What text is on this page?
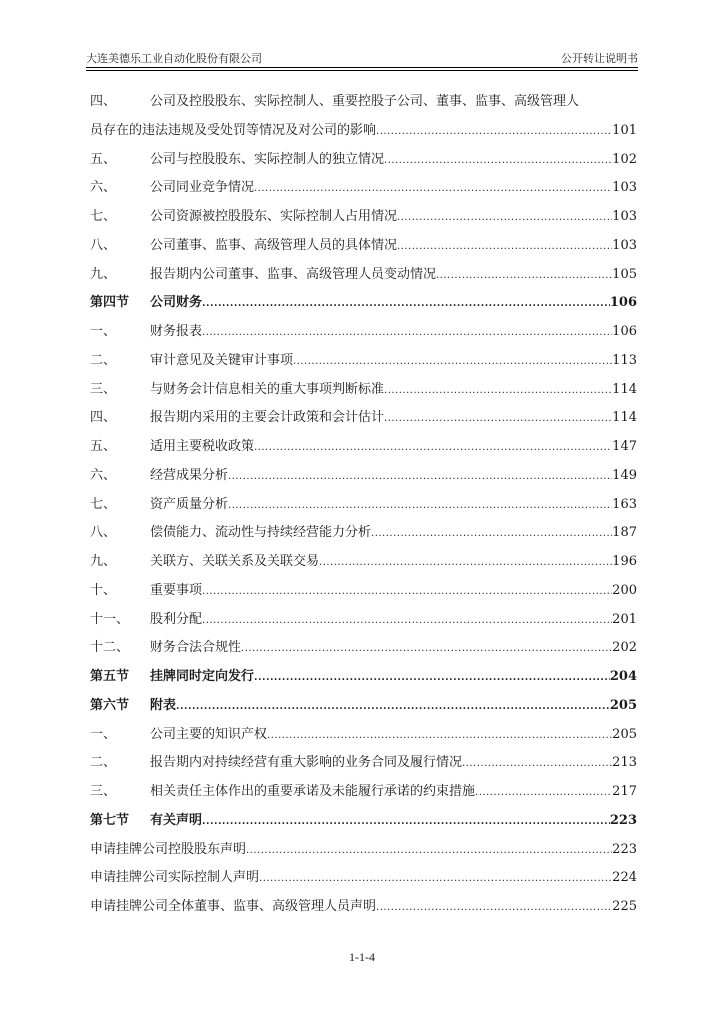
大连美德乐工业自动化股份有限公司	公开转让说明书
四、	公司及控股股东、实际控制人、重要控股子公司、董事、监事、高级管理人
员存在的违法违规及受处罚等情况及对公司的影响 .....	101
五、	公司与控股股东、实际控制人的独立情况 .....	102
六、	公司同业竞争情况 .....	103
七、	公司资源被控股股东、实际控制人占用情况 .....	103
八、	公司董事、监事、高级管理人员的具体情况 .....	103
九、	报告期内公司董事、监事、高级管理人员变动情况 .....	105
第四节	公司财务 .....	106
一、	财务报表 .....	106
二、	审计意见及关键审计事项 .....	113
三、	与财务会计信息相关的重大事项判断标准 .....	114
四、	报告期内采用的主要会计政策和会计估计 .....	114
五、	适用主要税收政策 .....	147
六、	经营成果分析 .....	149
七、	资产质量分析 .....	163
八、	偿债能力、流动性与持续经营能力分析 .....	187
九、	关联方、关联关系及关联交易 .....	196
十、	重要事项 .....	200
十一、	股利分配 .....	201
十二、	财务合法合规性 .....	202
第五节	挂牌同时定向发行 .....	204
第六节	附表 .....	205
一、	公司主要的知识产权 .....	205
二、	报告期内对持续经营有重大影响的业务合同及履行情况 .....	213
三、	相关责任主体作出的重要承诺及未能履行承诺的约束措施 .....	217
第七节	有关声明 .....	223
申请挂牌公司控股股东声明 .....	223
申请挂牌公司实际控制人声明 .....	224
申请挂牌公司全体董事、监事、高级管理人员声明 .....	225
1-1-4
